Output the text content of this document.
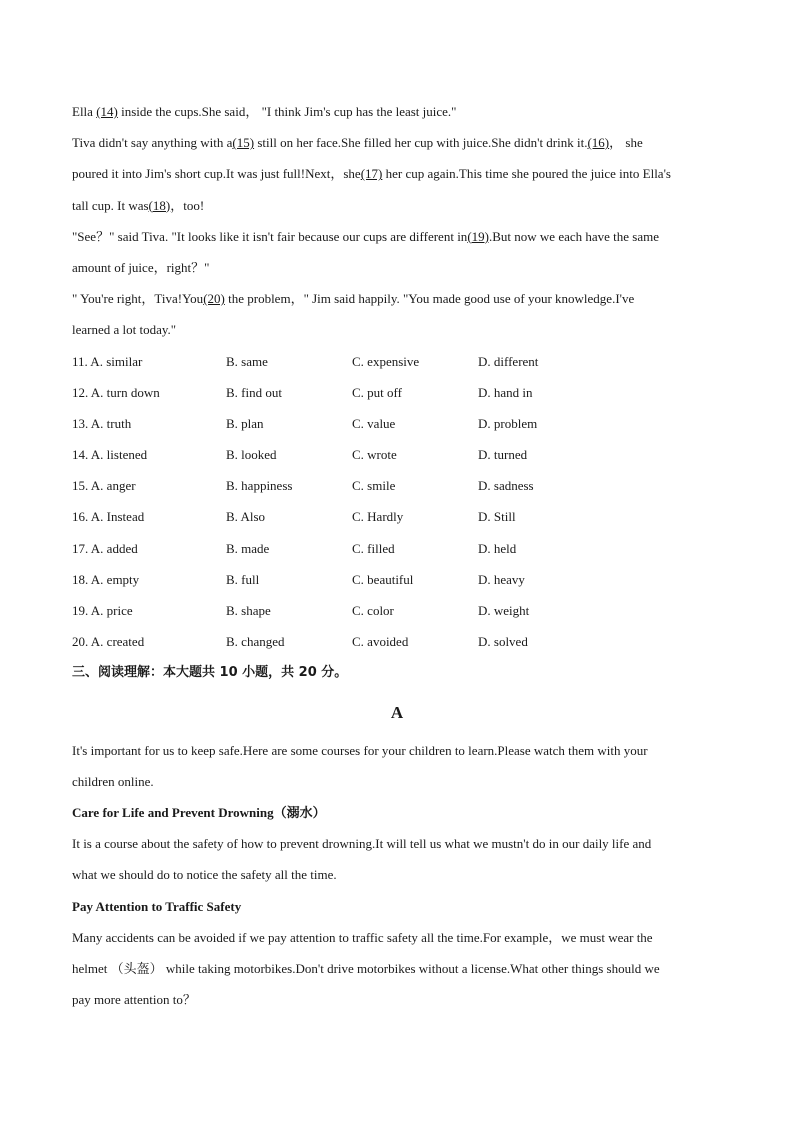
Ella (14) inside the cups.She said， "I think Jim's cup has the least juice."
Tiva didn't say anything with a(15) still on her face.She filled her cup with juice.She didn't drink it.(16)， she
poured it into Jim's short cup.It was just full!Next，she(17) her cup again.This time she poured the juice into Ella's
tall cup. It was(18)，too!
"See？" said Tiva. "It looks like it isn't fair because our cups are different in(19).But now we each have the same
amount of juice，right？"
" You're right，Tiva!You(20) the problem，" Jim said happily. "You made good use of your knowledge.I've
learned a lot today."
11. A. similar	B. same	C. expensive	D. different
12. A. turn down	B. find out	C. put off	D. hand in
13. A. truth	B. plan	C. value	D. problem
14. A. listened	B. looked	C. wrote	D. turned
15. A. anger	B. happiness	C. smile	D. sadness
16. A. Instead	B. Also	C. Hardly	D. Still
17. A. added	B. made	C. filled	D. held
18. A. empty	B. full	C. beautiful	D. heavy
19. A. price	B. shape	C. color	D. weight
20. A. created	B. changed	C. avoided	D. solved
三、阅读理解：本大题共 10 小题，共 20 分。
A
It's important for us to keep safe.Here are some courses for your children to learn.Please watch them with your
children online.
Care for Life and Prevent Drowning（溺水）
It is a course about the safety of how to prevent drowning.It will tell us what we mustn't do in our daily life and
what we should do to notice the safety all the time.
Pay Attention to Traffic Safety
Many accidents can be avoided if we pay attention to traffic safety all the time.For example，we must wear the
helmet （头盔） while taking motorbikes.Don't drive motorbikes without a license.What other things should we
pay more attention to？
